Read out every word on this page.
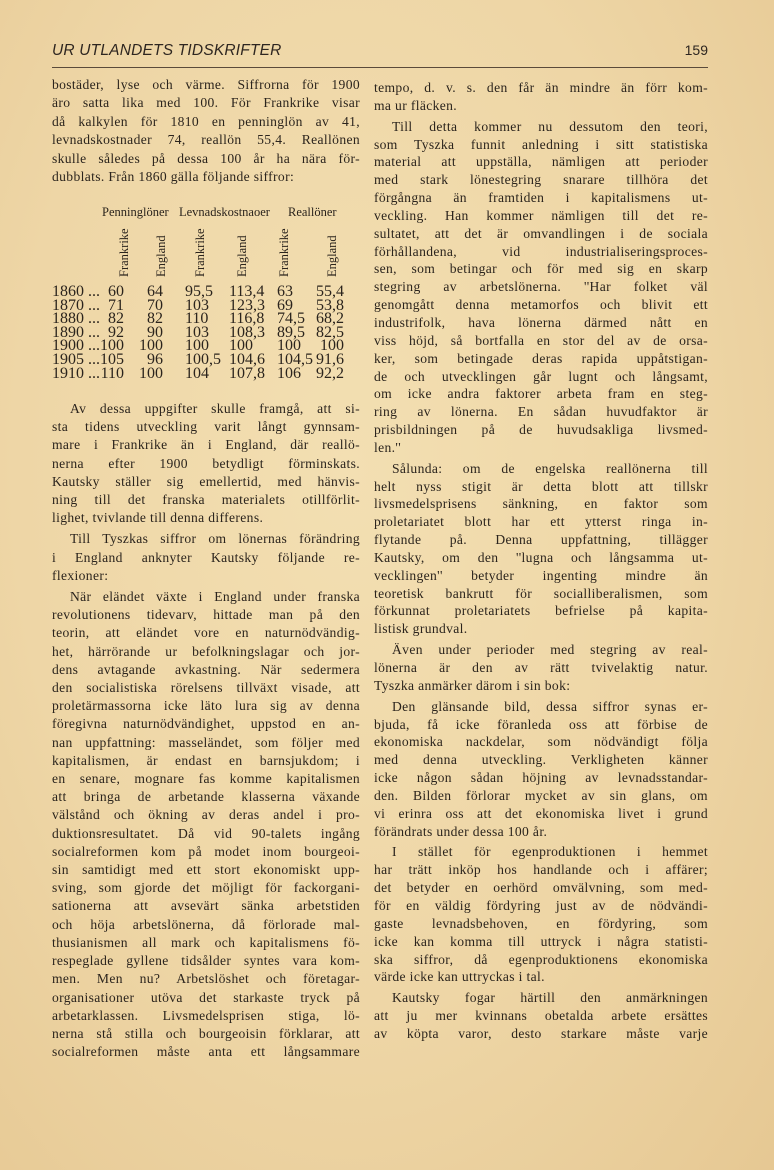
UR UTLANDETS TIDSKRIFTER	159
bostäder, lyse och värme. Siffrorna för 1900
äro satta lika med 100. För Frankrike visar
då kalkylen för 1810 en penninglön av 41,
levnadskostnader 74, reallön 55,4. Reallönen
skulle således på dessa 100 år ha nära för-
dubblats. Från 1860 gälla följande siffror:
Penninglöner Levnadskostnaoer Reallöner
Frankrike England Frankrike England Frankrike	England
1860 ... 60 64 95,5 113,4 63 55,4
1870 ... 71 70 103 123,3 69 53,8
1880 ... 82 82 110 116,8 74,5 68,2
1890 ... 92 90 103 108,3 89,5 82,5
1900 ... 100 100 100 100 100 100
1905 ... 105 96 100,5 104,6 104,5 91,6
1910 ... 110 100 104 107,8 106 92,2
Av dessa uppgifter skulle framgå, att si-
sta tidens utveckling varit långt gynnsam-
mare i Frankrike än i England, där reallö-
nerna efter 1900 betydligt förminskats.
Kautsky ställer sig emellertid, med hänvis-
ning till det franska materialets otillförlit-
lighet, tvivlande till denna differens.
Till Tyszkas siffror om lönernas förändring
i England anknyter Kautsky följande re-
flexioner:
När eländet växte i England under franska
revolutionens tidevarv, hittade man på den
teorin, att eländet vore en naturnödvändig-
het, härrörande ur befolkningslagar och jor-
dens avtagande avkastning. När sedermera
den socialistiska rörelsens tillväxt visade, att
proletärmassorna icke läto lura sig av denna
föregivna naturnödvändighet, uppstod en an-
nan uppfattning: masseländet, som följer med
kapitalismen, är endast en barnsjukdom; i
en senare, mognare fas komme kapitalismen
att bringa de arbetande klasserna växande
välstånd och ökning av deras andel i pro-
duktionsresultatet. Då vid 90-talets ingång
socialreformen kom på modet inom bourgeoi-
sin samtidigt med ett stort ekonomiskt upp-
sving, som gjorde det möjligt för fackorgani-
sationerna att avsevärt sänka arbetstiden
och höja arbetslönerna, då förlorade mal-
thusianismen all mark och kapitalismens fö-
respeglade gyllene tidsålder syntes vara kom-
men. Men nu? Arbetslöshet och företagar-
organisationer utöva det starkaste tryck på
arbetarklassen. Livsmedelsprisen stiga, lö-
nerna stå stilla och bourgeoisin förklarar, att
socialreformen måste anta ett långsammare
tempo, d. v. s. den får än mindre än förr kom-
ma ur fläcken.
Till detta kommer nu dessutom den teori,
som Tyszka funnit anledning i sitt statistiska
material att uppställa, nämligen att perioder
med stark lönestegring snarare tillhöra det
förgångna än framtiden i kapitalismens ut-
veckling. Han kommer nämligen till det re-
sultatet, att det är omvandlingen i de sociala
förhållandena, vid industrialiseringsproces-
sen, som betingar och för med sig en skarp
stegring av arbetslönerna. ''Har folket väl
genomgått denna metamorfos och blivit ett
industrifolk, hava lönerna därmed nått en
viss höjd, så bortfalla en stor del av de orsa-
ker, som betingade deras rapida uppåtstigan-
de och utvecklingen går lugnt och långsamt,
om icke andra faktorer arbeta fram en steg-
ring av lönerna. En sådan huvudfaktor är
prisbildningen på de huvudsakliga livsmed-
len.''
Sålunda: om de engelska reallönerna till
helt nyss stigit är detta blott att tillskr
livsmedelsprisens sänkning, en faktor som
proletariatet blott har ett ytterst ringa in-
flytande på. Denna uppfattning, tillägger
Kautsky, om den ''lugna och långsamma ut-
vecklingen'' betyder ingenting mindre än
teoretisk bankrutt för socialliberalismen, som
förkunnat proletariatets befrielse på kapita-
listisk grundval.
Även under perioder med stegring av real-
lönerna är den av rätt tvivelaktig natur.
Tyszka anmärker därom i sin bok:
Den glänsande bild, dessa siffror synas er-
bjuda, få icke föranleda oss att förbise de
ekonomiska nackdelar, som nödvändigt följa
med denna utveckling. Verkligheten känner
icke någon sådan höjning av levnadsstandar-
den. Bilden förlorar mycket av sin glans, om
vi erinra oss att det ekonomiska livet i grund
förändrats under dessa 100 år.
I stället för egenproduktionen i hemmet
har trätt inköp hos handlande och i affärer;
det betyder en oerhörd omvälvning, som med-
för en väldig fördyring just av de nödvändi-
gaste levnadsbehoven, en fördyring, som
icke kan komma till uttryck i några statisti-
ska siffror, då egenproduktionens ekonomiska
värde icke kan uttryckas i tal.
Kautsky fogar härtill den anmärkningen
att ju mer kvinnans obetalda arbete ersättes
av köpta varor, desto starkare måste varje
